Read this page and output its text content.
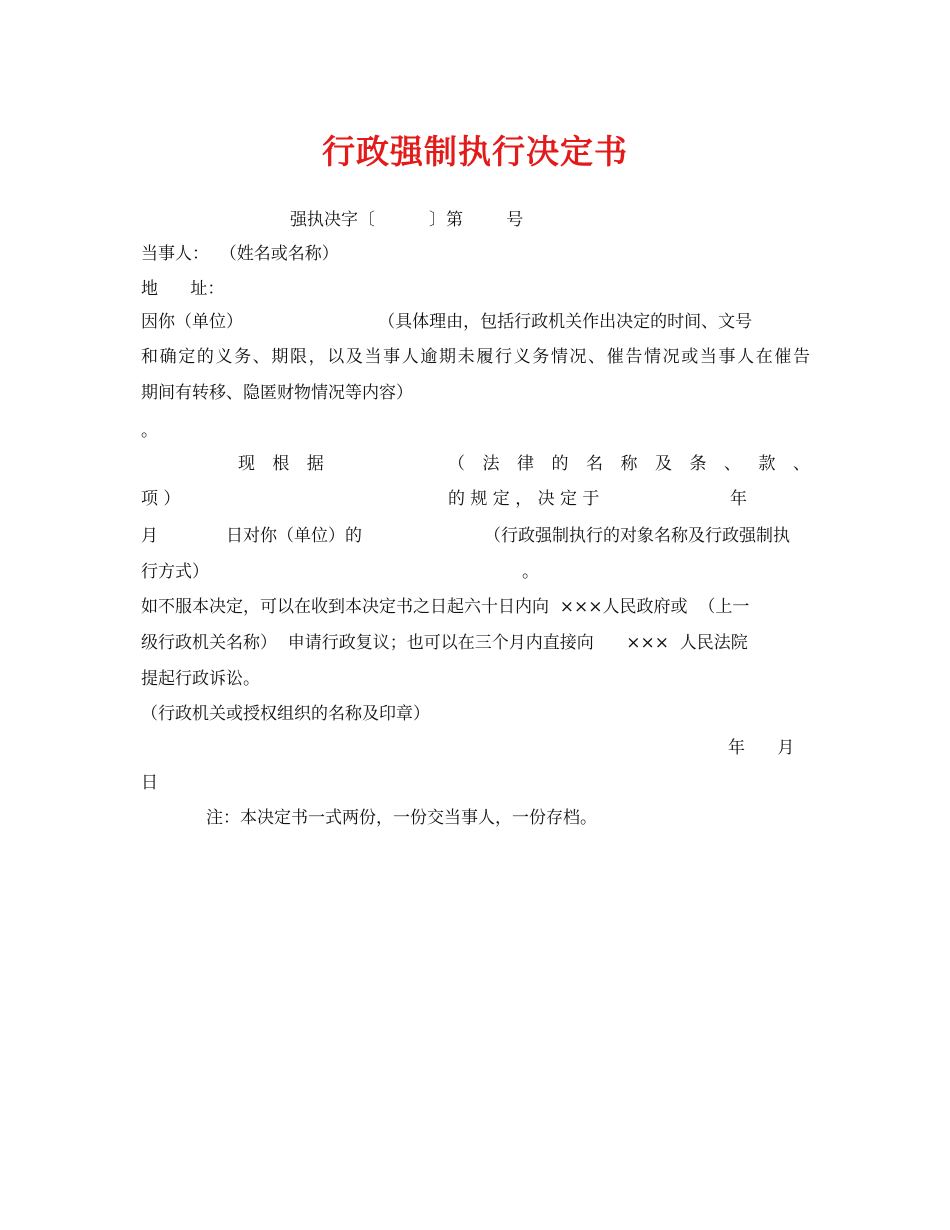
行政强制执行决定书
强执决字〔          〕第        号
当事人：  （姓名或名称）
地      址：
因你（单位）                         （具体理由，包括行政机关作出决定的时间、文号
和确定的义务、期限，以及当事人逾期未履行义务情况、催告情况或当事人在催告
期间有转移、隐匿财物情况等内容）
。
现 根 据	（ 法 律 的 名 称 及 条 、 款 、
项 ）	的 规 定 ， 决 定 于	年
月	日对你（单位）的	（行政强制执行的对象名称及行政强制执
行方式）	。
如不服本决定，可以在收到本决定书之日起六十日内向  ×××人民政府或  （上一
级行政机关名称）  申请行政复议；也可以在三个月内直接向      ×××  人民法院
提起行政诉讼。
（行政机关或授权组织的名称及印章）
年      月
日
注：本决定书一式两份，一份交当事人，一份存档。
